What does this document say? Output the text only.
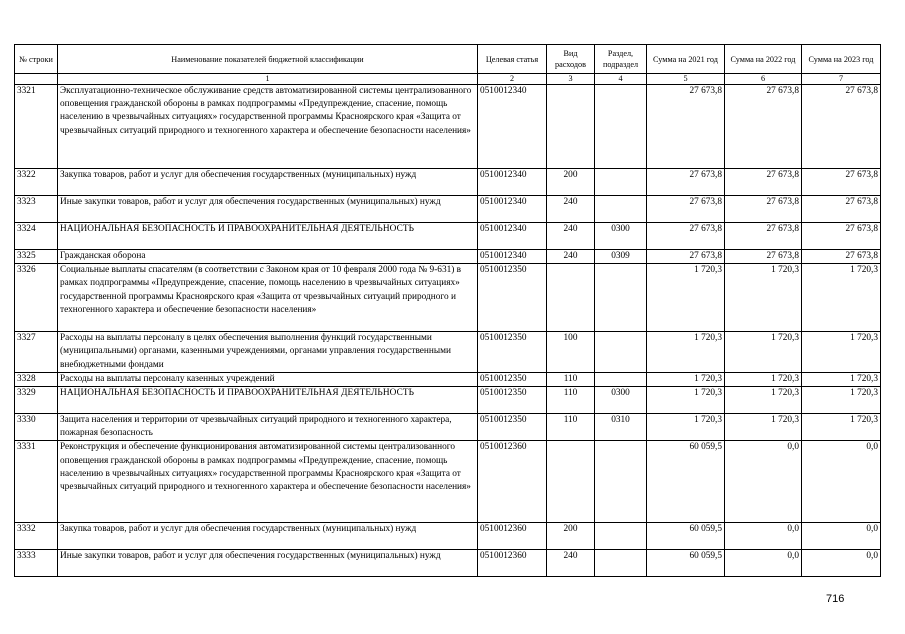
№ строки	Наименование показателей бюджетной классификации	Целевая статья	Вид расходов	Раздел, подраздел	Сумма на 2021 год	Сумма на 2022 год	Сумма на 2023 год
	1	2	3	4	5	6	7
3321	Эксплуатационно-техническое обслуживание средств автоматизированной системы централизованного оповещения гражданской обороны в рамках подпрограммы «Предупреждение, спасение, помощь населению в чрезвычайных ситуациях» государственной программы Красноярского края «Защита от чрезвычайных ситуаций природного и техногенного характера и обеспечение безопасности населения»	0510012340			27 673,8	27 673,8	27 673,8
3322	Закупка товаров, работ и услуг для обеспечения государственных (муниципальных) нужд	0510012340	200		27 673,8	27 673,8	27 673,8
3323	Иные закупки товаров, работ и услуг для обеспечения государственных (муниципальных) нужд	0510012340	240		27 673,8	27 673,8	27 673,8
3324	НАЦИОНАЛЬНАЯ БЕЗОПАСНОСТЬ И ПРАВООХРАНИТЕЛЬНАЯ ДЕЯТЕЛЬНОСТЬ	0510012340	240	0300	27 673,8	27 673,8	27 673,8
3325	Гражданская оборона	0510012340	240	0309	27 673,8	27 673,8	27 673,8
3326	Социальные выплаты спасателям (в соответствии с Законом края от 10 февраля 2000 года № 9-631) в рамках подпрограммы «Предупреждение, спасение, помощь населению в чрезвычайных ситуациях» государственной программы Красноярского края «Защита от чрезвычайных ситуаций природного и техногенного характера и обеспечение безопасности населения»	0510012350			1 720,3	1 720,3	1 720,3
3327	Расходы на выплаты персоналу в целях обеспечения выполнения функций государственными (муниципальными) органами, казенными учреждениями, органами управления государственными внебюджетными фондами	0510012350	100		1 720,3	1 720,3	1 720,3
3328	Расходы на выплаты персоналу казенных учреждений	0510012350	110		1 720,3	1 720,3	1 720,3
3329	НАЦИОНАЛЬНАЯ БЕЗОПАСНОСТЬ И ПРАВООХРАНИТЕЛЬНАЯ ДЕЯТЕЛЬНОСТЬ	0510012350	110	0300	1 720,3	1 720,3	1 720,3
3330	Защита населения и территории от чрезвычайных ситуаций природного и техногенного характера, пожарная безопасность	0510012350	110	0310	1 720,3	1 720,3	1 720,3
3331	Реконструкция и обеспечение функционирования автоматизированной системы централизованного оповещения гражданской обороны в рамках подпрограммы «Предупреждение, спасение, помощь населению в чрезвычайных ситуациях» государственной программы Красноярского края «Защита от чрезвычайных ситуаций природного и техногенного характера и обеспечение безопасности населения»	0510012360			60 059,5	0,0	0,0
3332	Закупка товаров, работ и услуг для обеспечения государственных (муниципальных) нужд	0510012360	200		60 059,5	0,0	0,0
3333	Иные закупки товаров, работ и услуг для обеспечения государственных (муниципальных) нужд	0510012360	240		60 059,5	0,0	0,0
716
